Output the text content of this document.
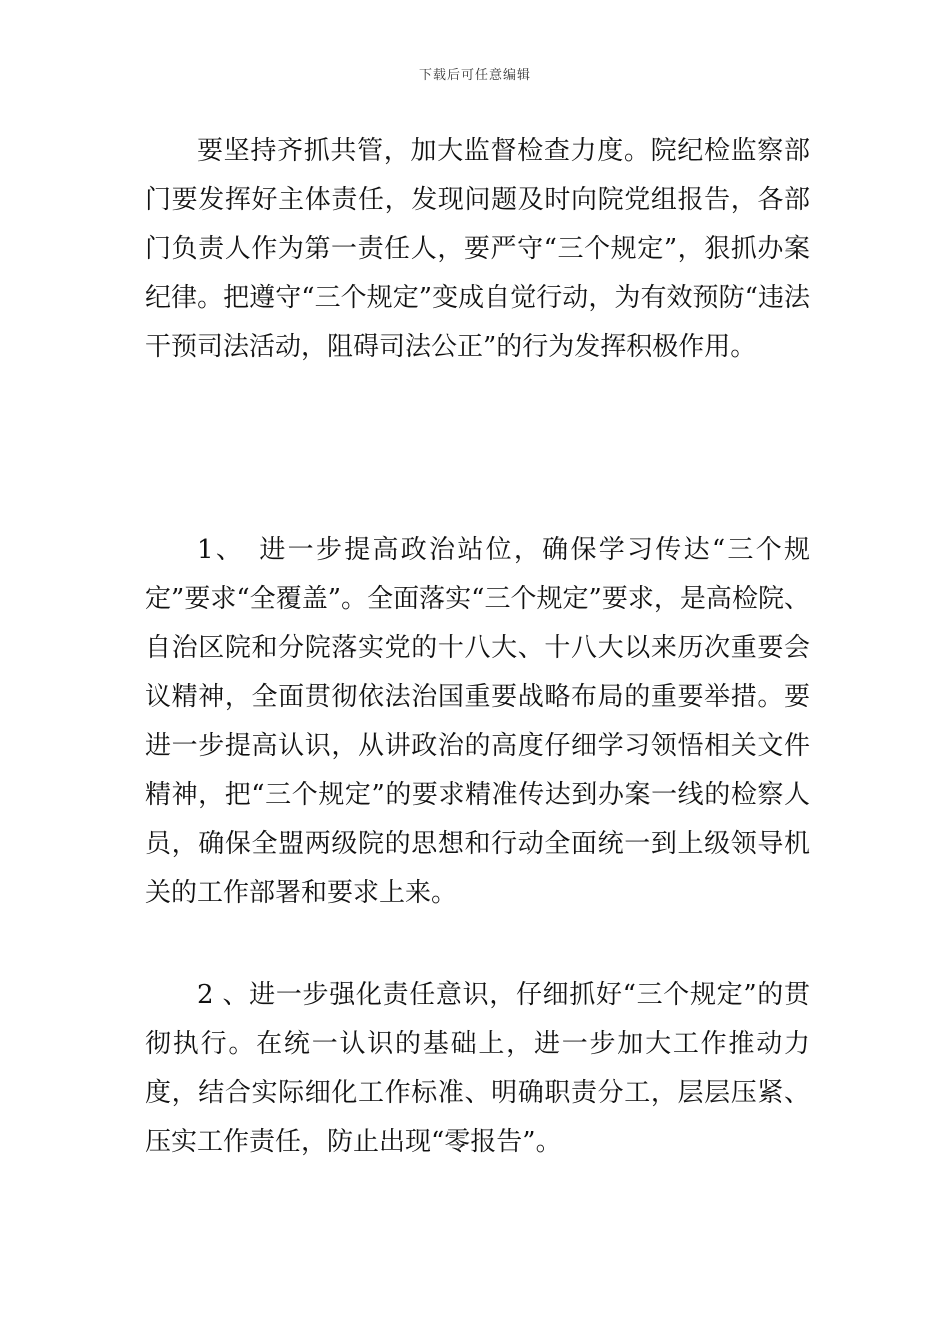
下载后可任意编辑

要坚持齐抓共管，加大监督检查力度。院纪检监察部门要发挥好主体责任，发现问题及时向院党组报告，各部门负责人作为第一责任人，要严守“三个规定”，狠抓办案纪律。把遵守“三个规定”变成自觉行动，为有效预防“违法干预司法活动，阻碍司法公正”的行为发挥积极作用。

1、　进一步提高政治站位，确保学习传达“三个规定”要求“全覆盖”。全面落实“三个规定”要求，是高检院、自治区院和分院落实党的十八大、十八大以来历次重要会议精神，全面贯彻依法治国重要战略布局的重要举措。要进一步提高认识，从讲政治的高度仔细学习领悟相关文件精神，把“三个规定”的要求精准传达到办案一线的检察人员，确保全盟两级院的思想和行动全面统一到上级领导机关的工作部署和要求上来。

2 、进一步强化责任意识，仔细抓好“三个规定”的贯彻执行。在统一认识的基础上，进一步加大工作推动力度，结合实际细化工作标准、明确职责分工，层层压紧、压实工作责任，防止出现“零报告”。
